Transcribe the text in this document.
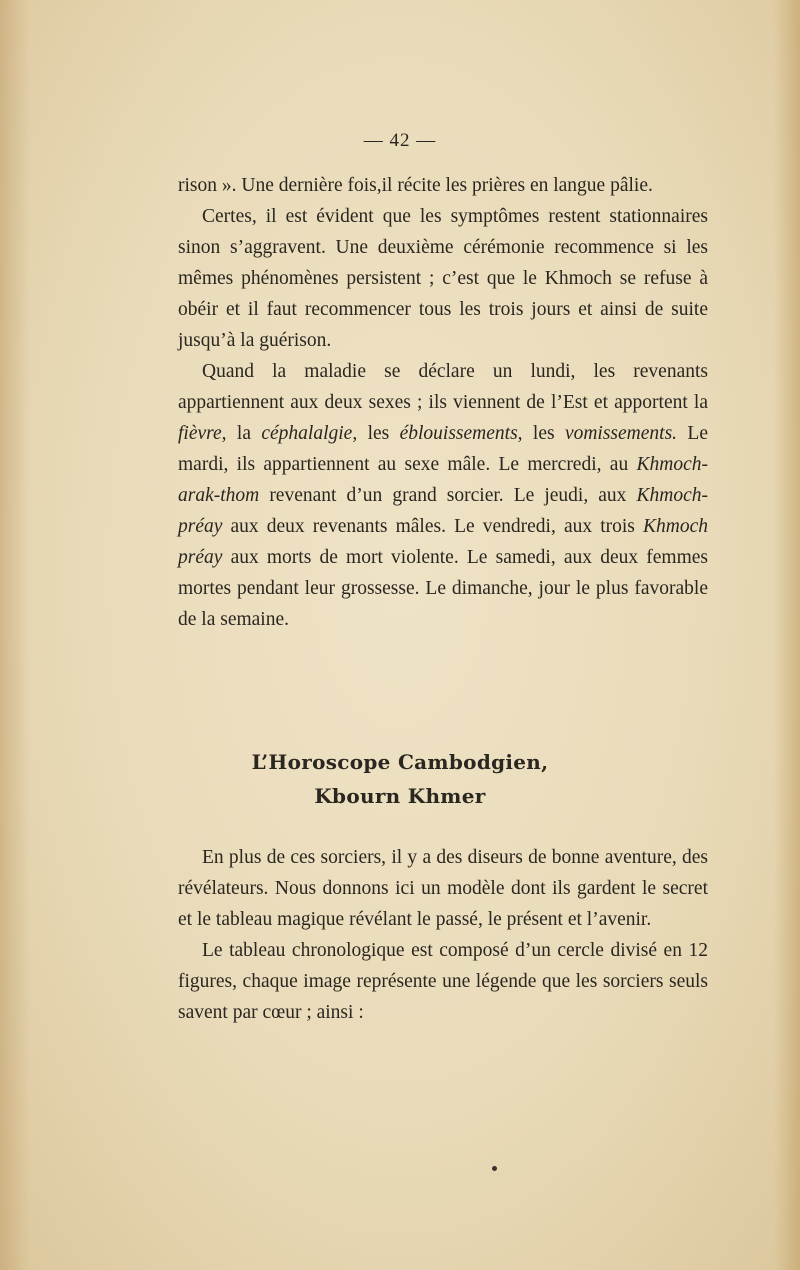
— 42 —

rison ». Une dernière fois,il récite les prières en langue pâlie.

Certes, il est évident que les symptômes restent stationnaires sinon s’aggravent. Une deuxième cérémonie recommence si les mêmes phénomènes persistent ; c’est que le Khmoch se refuse à obéir et il faut recommencer tous les trois jours et ainsi de suite jusqu’à la guérison.

Quand la maladie se déclare un lundi, les revenants appartiennent aux deux sexes ; ils viennent de l’Est et apportent la fièvre, la céphalalgie, les éblouissements, les vomissements. Le mardi, ils appartiennent au sexe mâle. Le mercredi, au Khmoch-arak-thom revenant d’un grand sorcier. Le jeudi, aux Khmoch-préay aux deux revenants mâles. Le vendredi, aux trois Khmoch préay aux morts de mort violente. Le samedi, aux deux femmes mortes pendant leur grossesse. Le dimanche, jour le plus favorable de la semaine.

L’Horoscope Cambodgien,
Kbourn Khmer

En plus de ces sorciers, il y a des diseurs de bonne aventure, des révélateurs. Nous donnons ici un modèle dont ils gardent le secret et le tableau magique révélant le passé, le présent et l’avenir.

Le tableau chronologique est composé d’un cercle divisé en 12 figures, chaque image représente une légende que les sorciers seuls savent par cœur ; ainsi :
